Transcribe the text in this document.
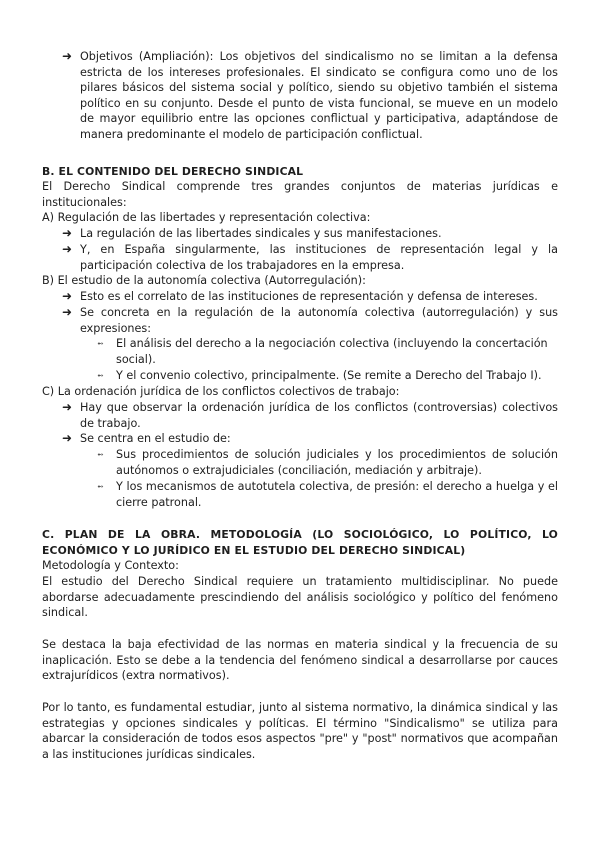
➜ Objetivos (Ampliación): Los objetivos del sindicalismo no se limitan a la defensa estricta de los intereses profesionales. El sindicato se configura como uno de los pilares básicos del sistema social y político, siendo su objetivo también el sistema político en su conjunto. Desde el punto de vista funcional, se mueve en un modelo de mayor equilibrio entre las opciones conflictual y participativa, adaptándose de manera predominante el modelo de participación conflictual.

B. EL CONTENIDO DEL DERECHO SINDICAL

El Derecho Sindical comprende tres grandes conjuntos de materias jurídicas e institucionales:

A) Regulación de las libertades y representación colectiva:
➜ La regulación de las libertades sindicales y sus manifestaciones.

➜ Y, en España singularmente, las instituciones de representación legal y la participación colectiva de los trabajadores en la empresa.

B) El estudio de la autonomía colectiva (Autorregulación):
➜ Esto es el correlato de las instituciones de representación y defensa de intereses.

➜ Se concreta en la regulación de la autonomía colectiva (autorregulación) y sus expresiones:

➻ El análisis del derecho a la negociación colectiva (incluyendo la concertación social).

➻ Y el convenio colectivo, principalmente. (Se remite a Derecho del Trabajo I).

C) La ordenación jurídica de los conflictos colectivos de trabajo:
➜ Hay que observar la ordenación jurídica de los conflictos (controversias) colectivos de trabajo.

➜ Se centra en el estudio de:

➻ Sus procedimientos de solución judiciales y los procedimientos de solución autónomos o extrajudiciales (conciliación, mediación y arbitraje).

➻ Y los mecanismos de autotutela colectiva, de presión: el derecho a huelga y el cierre patronal.

C. PLAN DE LA OBRA. METODOLOGÍA (LO SOCIOLÓGICO, LO POLÍTICO, LO ECONÓMICO Y LO JURÍDICO EN EL ESTUDIO DEL DERECHO SINDICAL)
Metodología y Contexto:

El estudio del Derecho Sindical requiere un tratamiento multidisciplinar. No puede abordarse adecuadamente prescindiendo del análisis sociológico y político del fenómeno sindical.

Se destaca la baja efectividad de las normas en materia sindical y la frecuencia de su inaplicación. Esto se debe a la tendencia del fenómeno sindical a desarrollarse por cauces extrajurídicos (extra normativos).

Por lo tanto, es fundamental estudiar, junto al sistema normativo, la dinámica sindical y las estrategias y opciones sindicales y políticas. El término "Sindicalismo" se utiliza para abarcar la consideración de todos esos aspectos "pre" y "post" normativos que acompañan a las instituciones jurídicas sindicales.
